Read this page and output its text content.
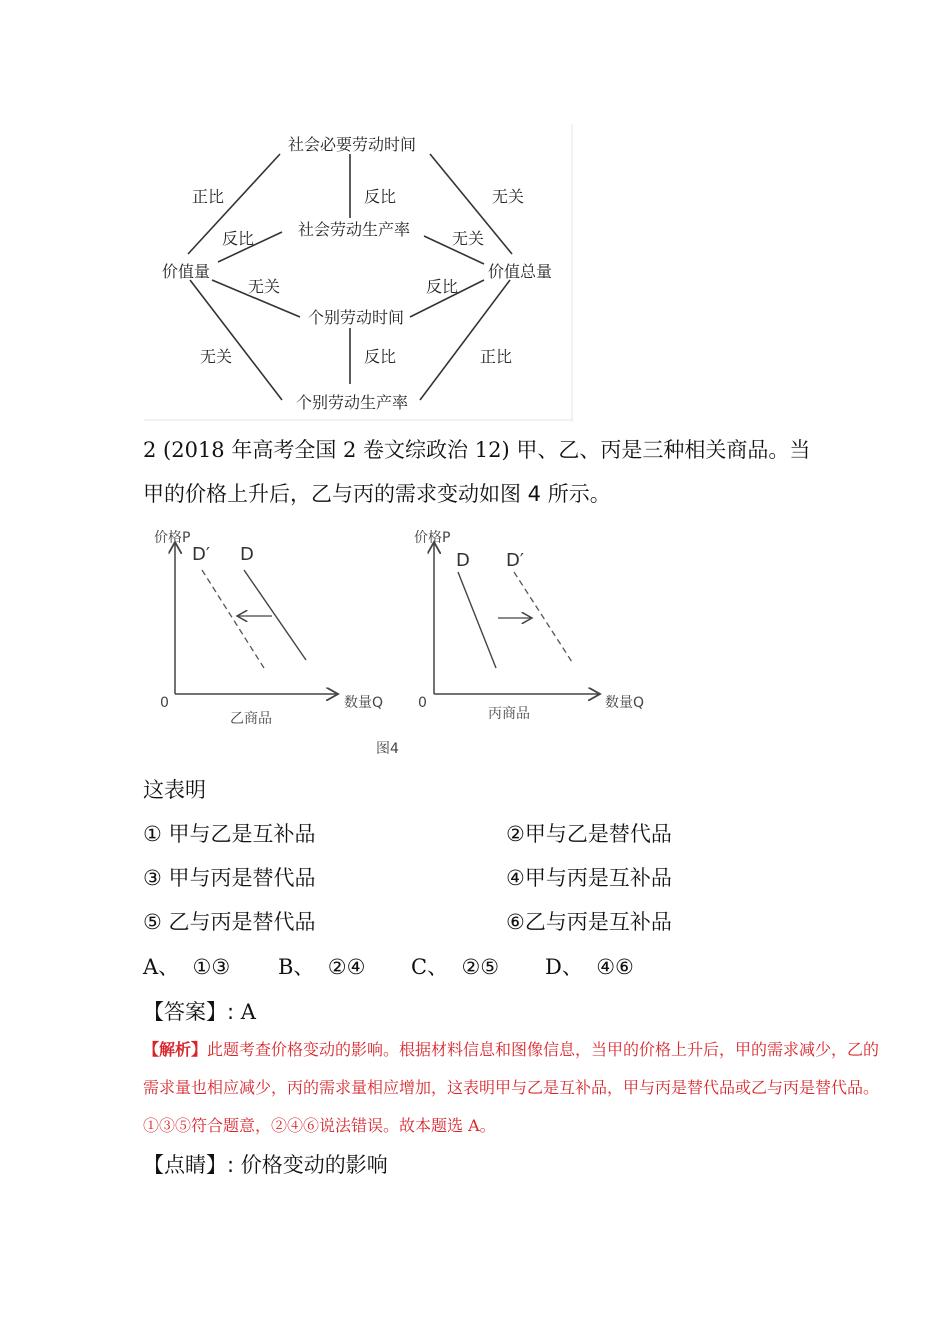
社会必要劳动时间
社会劳动生产率
价值量	价值总量
个别劳动时间
个别劳动生产率
正比	反比	无关
反比	无关
无关	反比
无关	反比	正比
2 (2018 年高考全国 2 卷文综政治 12) 甲、乙、丙是三种相关商品。当
甲的价格上升后，乙与丙的需求变动如图 4 所示。
价格P
数量Q
0
乙商品
D′ D
价格P
数量Q
0
丙商品
D D′
图4
这表明
① 甲与乙是互补品	②甲与乙是替代品
③ 甲与丙是替代品	④甲与丙是互补品
⑤ 乙与丙是替代品	⑥乙与丙是互补品
A、 ①③ B、 ②④ C、 ②⑤ D、 ④⑥
【答案】: A
【解析】此题考查价格变动的影响。根据材料信息和图像信息，当甲的价格上升后，甲的需求减少，乙的
需求量也相应减少，丙的需求量相应增加，这表明甲与乙是互补品，甲与丙是替代品或乙与丙是替代品。
①③⑤符合题意，②④⑥说法错误。故本题选 A。
【点睛】: 价格变动的影响
